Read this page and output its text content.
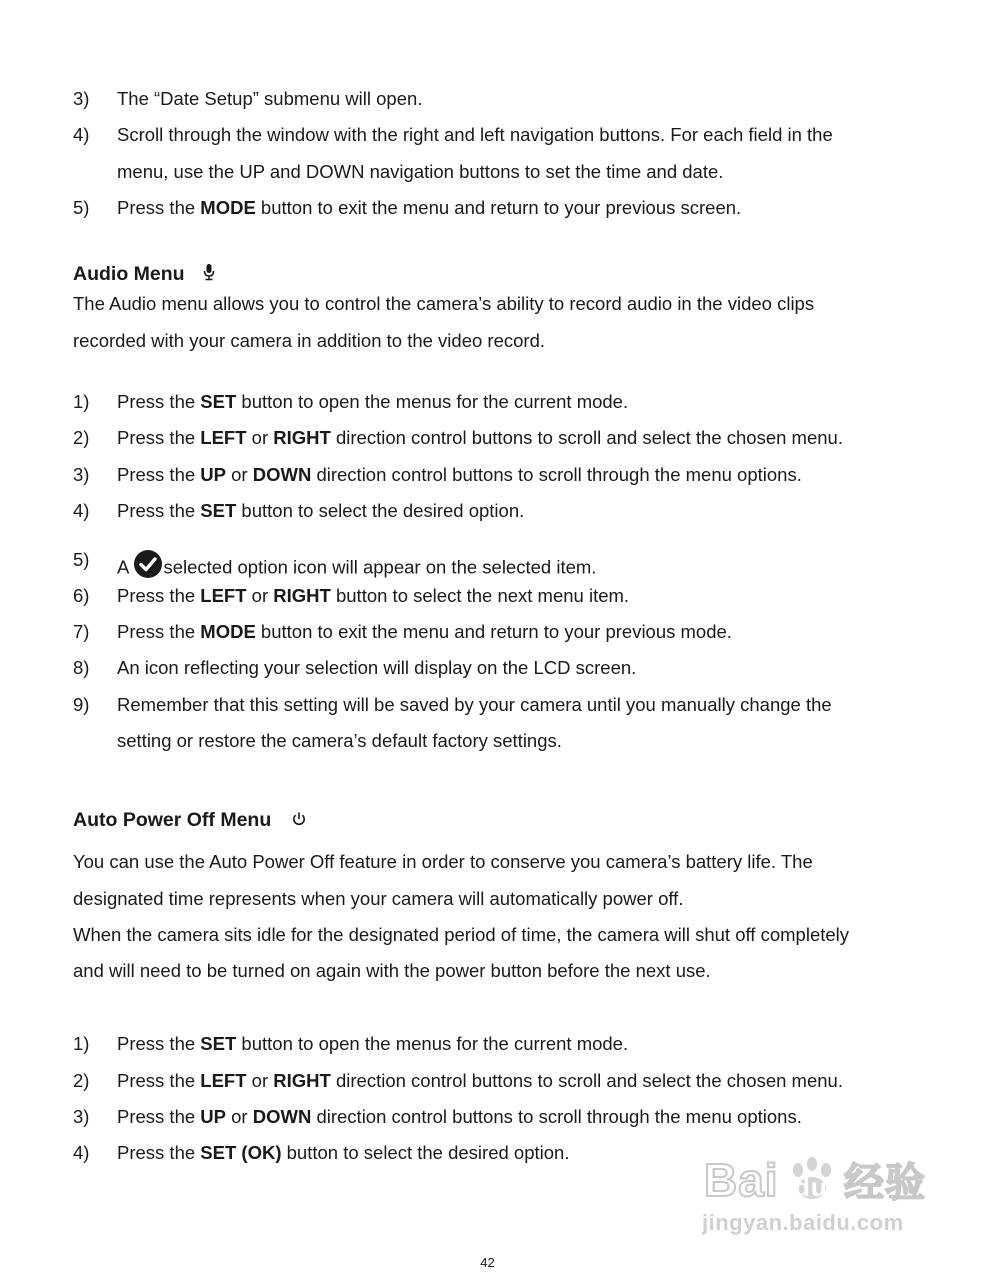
3) The “Date Setup” submenu will open.
4) Scroll through the window with the right and left navigation buttons. For each field in the
menu, use the UP and DOWN navigation buttons to set the time and date.
5) Press the MODE button to exit the menu and return to your previous screen.
Audio Menu
The Audio menu allows you to control the camera’s ability to record audio in the video clips
recorded with your camera in addition to the video record.
1) Press the SET button to open the menus for the current mode.
2) Press the LEFT or RIGHT direction control buttons to scroll and select the chosen menu.
3) Press the UP or DOWN direction control buttons to scroll through the menu options.
4) Press the SET button to select the desired option.
5) A selected option icon will appear on the selected item.
6) Press the LEFT or RIGHT button to select the next menu item.
7) Press the MODE button to exit the menu and return to your previous mode.
8) An icon reflecting your selection will display on the LCD screen.
9) Remember that this setting will be saved by your camera until you manually change the
setting or restore the camera’s default factory settings.
Auto Power Off Menu
You can use the Auto Power Off feature in order to conserve you camera’s battery life. The
designated time represents when your camera will automatically power off.
When the camera sits idle for the designated period of time, the camera will shut off completely
and will need to be turned on again with the power button before the next use.
1) Press the SET button to open the menus for the current mode.
2) Press the LEFT or RIGHT direction control buttons to scroll and select the chosen menu.
3) Press the UP or DOWN direction control buttons to scroll through the menu options.
4) Press the SET (OK) button to select the desired option.
42
Bai du 经验
jingyan.baidu.com
